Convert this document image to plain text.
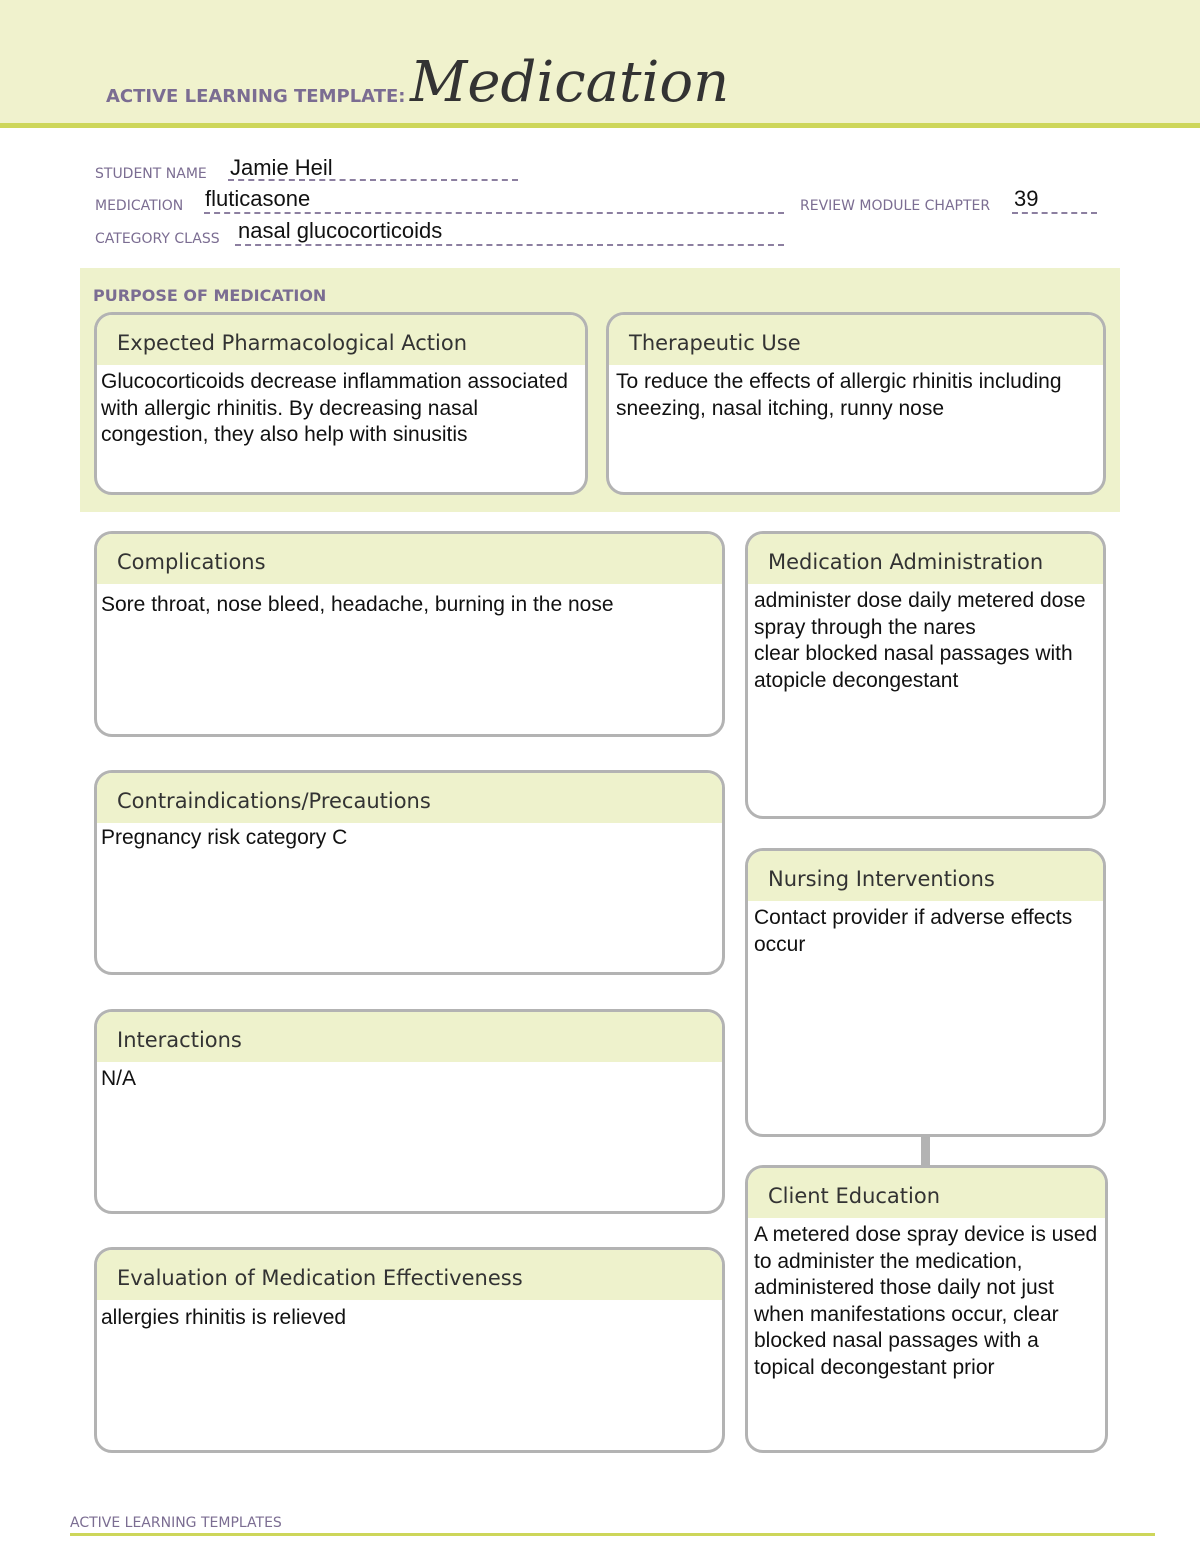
ACTIVE LEARNING TEMPLATE: Medication
STUDENT NAME Jamie Heil
MEDICATION fluticasone	REVIEW MODULE CHAPTER 39
CATEGORY CLASS nasal glucocorticoids
PURPOSE OF MEDICATION
Expected Pharmacological Action
Glucocorticoids decrease inflammation associated with allergic rhinitis. By decreasing nasal congestion, they also help with sinusitis
Therapeutic Use
To reduce the effects of allergic rhinitis including sneezing, nasal itching, runny nose
Complications
Sore throat, nose bleed, headache, burning in the nose
Contraindications/Precautions
Pregnancy risk category C
Interactions
N/A
Evaluation of Medication Effectiveness
allergies rhinitis is relieved
Medication Administration
administer dose daily metered dose spray through the nares
clear blocked nasal passages with atopicle decongestant
Nursing Interventions
Contact provider if adverse effects occur
Client Education
A metered dose spray device is used to administer the medication, administered those daily not just when manifestations occur, clear blocked nasal passages with a topical decongestant prior
ACTIVE LEARNING TEMPLATES
